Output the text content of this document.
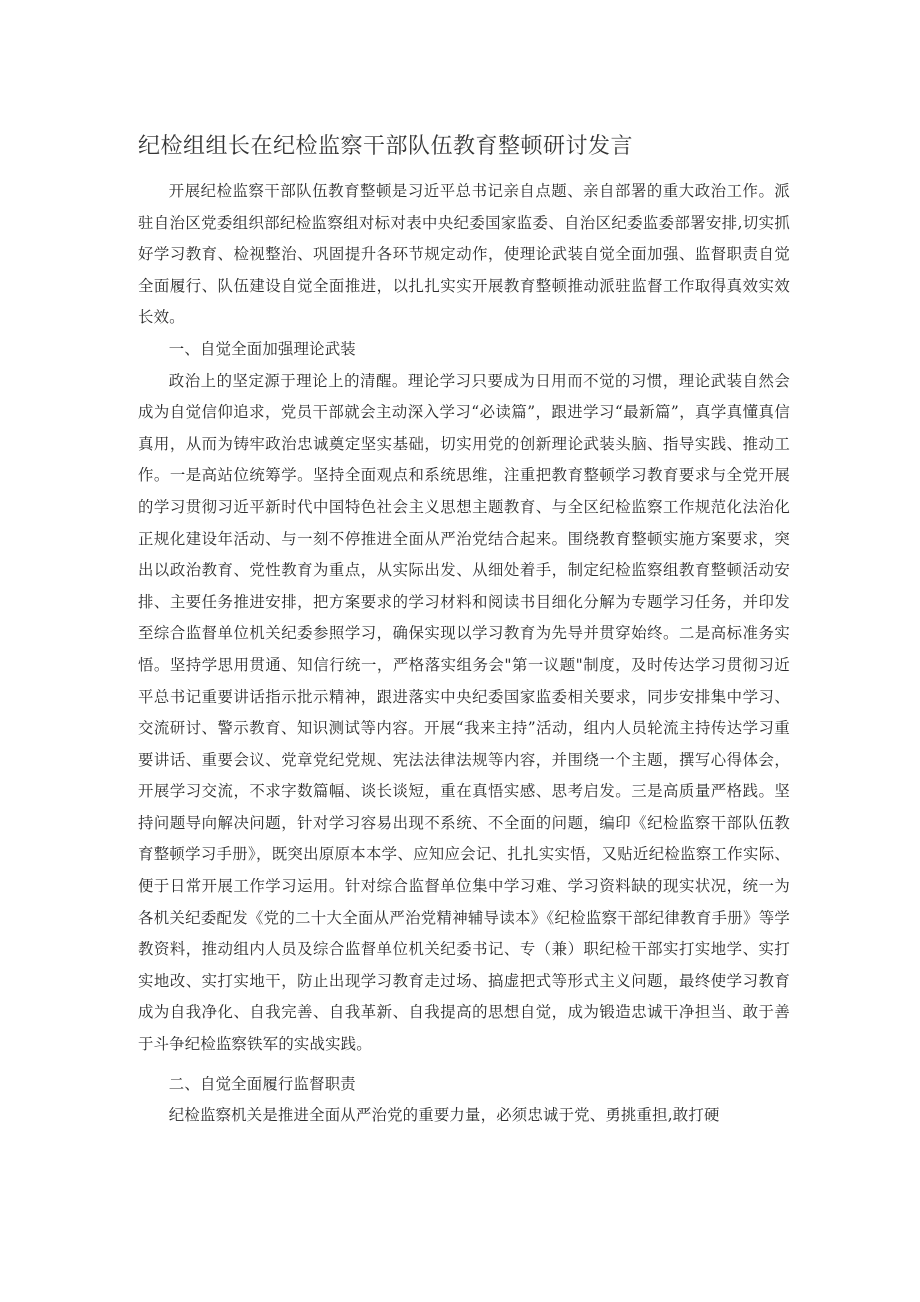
纪检组组长在纪检监察干部队伍教育整顿研讨发言

开展纪检监察干部队伍教育整顿是习近平总书记亲自点题、亲自部署的重大政治工作。派驻自治区党委组织部纪检监察组对标对表中央纪委国家监委、自治区纪委监委部署安排,切实抓好学习教育、检视整治、巩固提升各环节规定动作，使理论武装自觉全面加强、监督职责自觉全面履行、队伍建设自觉全面推进，以扎扎实实开展教育整顿推动派驻监督工作取得真效实效长效。

一、自觉全面加强理论武装

政治上的坚定源于理论上的清醒。理论学习只要成为日用而不觉的习惯，理论武装自然会成为自觉信仰追求，党员干部就会主动深入学习“必读篇”，跟进学习“最新篇”，真学真懂真信真用，从而为铸牢政治忠诚奠定坚实基础，切实用党的创新理论武装头脑、指导实践、推动工作。一是高站位统筹学。坚持全面观点和系统思维，注重把教育整顿学习教育要求与全党开展的学习贯彻习近平新时代中国特色社会主义思想主题教育、与全区纪检监察工作规范化法治化正规化建设年活动、与一刻不停推进全面从严治党结合起来。围绕教育整顿实施方案要求，突出以政治教育、党性教育为重点，从实际出发、从细处着手，制定纪检监察组教育整顿活动安排、主要任务推进安排，把方案要求的学习材料和阅读书目细化分解为专题学习任务，并印发至综合监督单位机关纪委参照学习，确保实现以学习教育为先导并贯穿始终。二是高标准务实悟。坚持学思用贯通、知信行统一，严格落实组务会"第一议题"制度，及时传达学习贯彻习近平总书记重要讲话指示批示精神，跟进落实中央纪委国家监委相关要求，同步安排集中学习、交流研讨、警示教育、知识测试等内容。开展“我来主持”活动，组内人员轮流主持传达学习重要讲话、重要会议、党章党纪党规、宪法法律法规等内容，并围绕一个主题，撰写心得体会，开展学习交流，不求字数篇幅、谈长谈短，重在真悟实感、思考启发。三是高质量严格践。坚持问题导向解决问题，针对学习容易出现不系统、不全面的问题，编印《纪检监察干部队伍教育整顿学习手册》，既突出原原本本学、应知应会记、扎扎实实悟，又贴近纪检监察工作实际、便于日常开展工作学习运用。针对综合监督单位集中学习难、学习资料缺的现实状况，统一为各机关纪委配发《党的二十大全面从严治党精神辅导读本》《纪检监察干部纪律教育手册》等学教资料，推动组内人员及综合监督单位机关纪委书记、专（兼）职纪检干部实打实地学、实打实地改、实打实地干，防止出现学习教育走过场、搞虚把式等形式主义问题，最终使学习教育成为自我净化、自我完善、自我革新、自我提高的思想自觉，成为锻造忠诚干净担当、敢于善于斗争纪检监察铁军的实战实践。

二、自觉全面履行监督职责

纪检监察机关是推进全面从严治党的重要力量，必须忠诚于党、勇挑重担,敢打硬
